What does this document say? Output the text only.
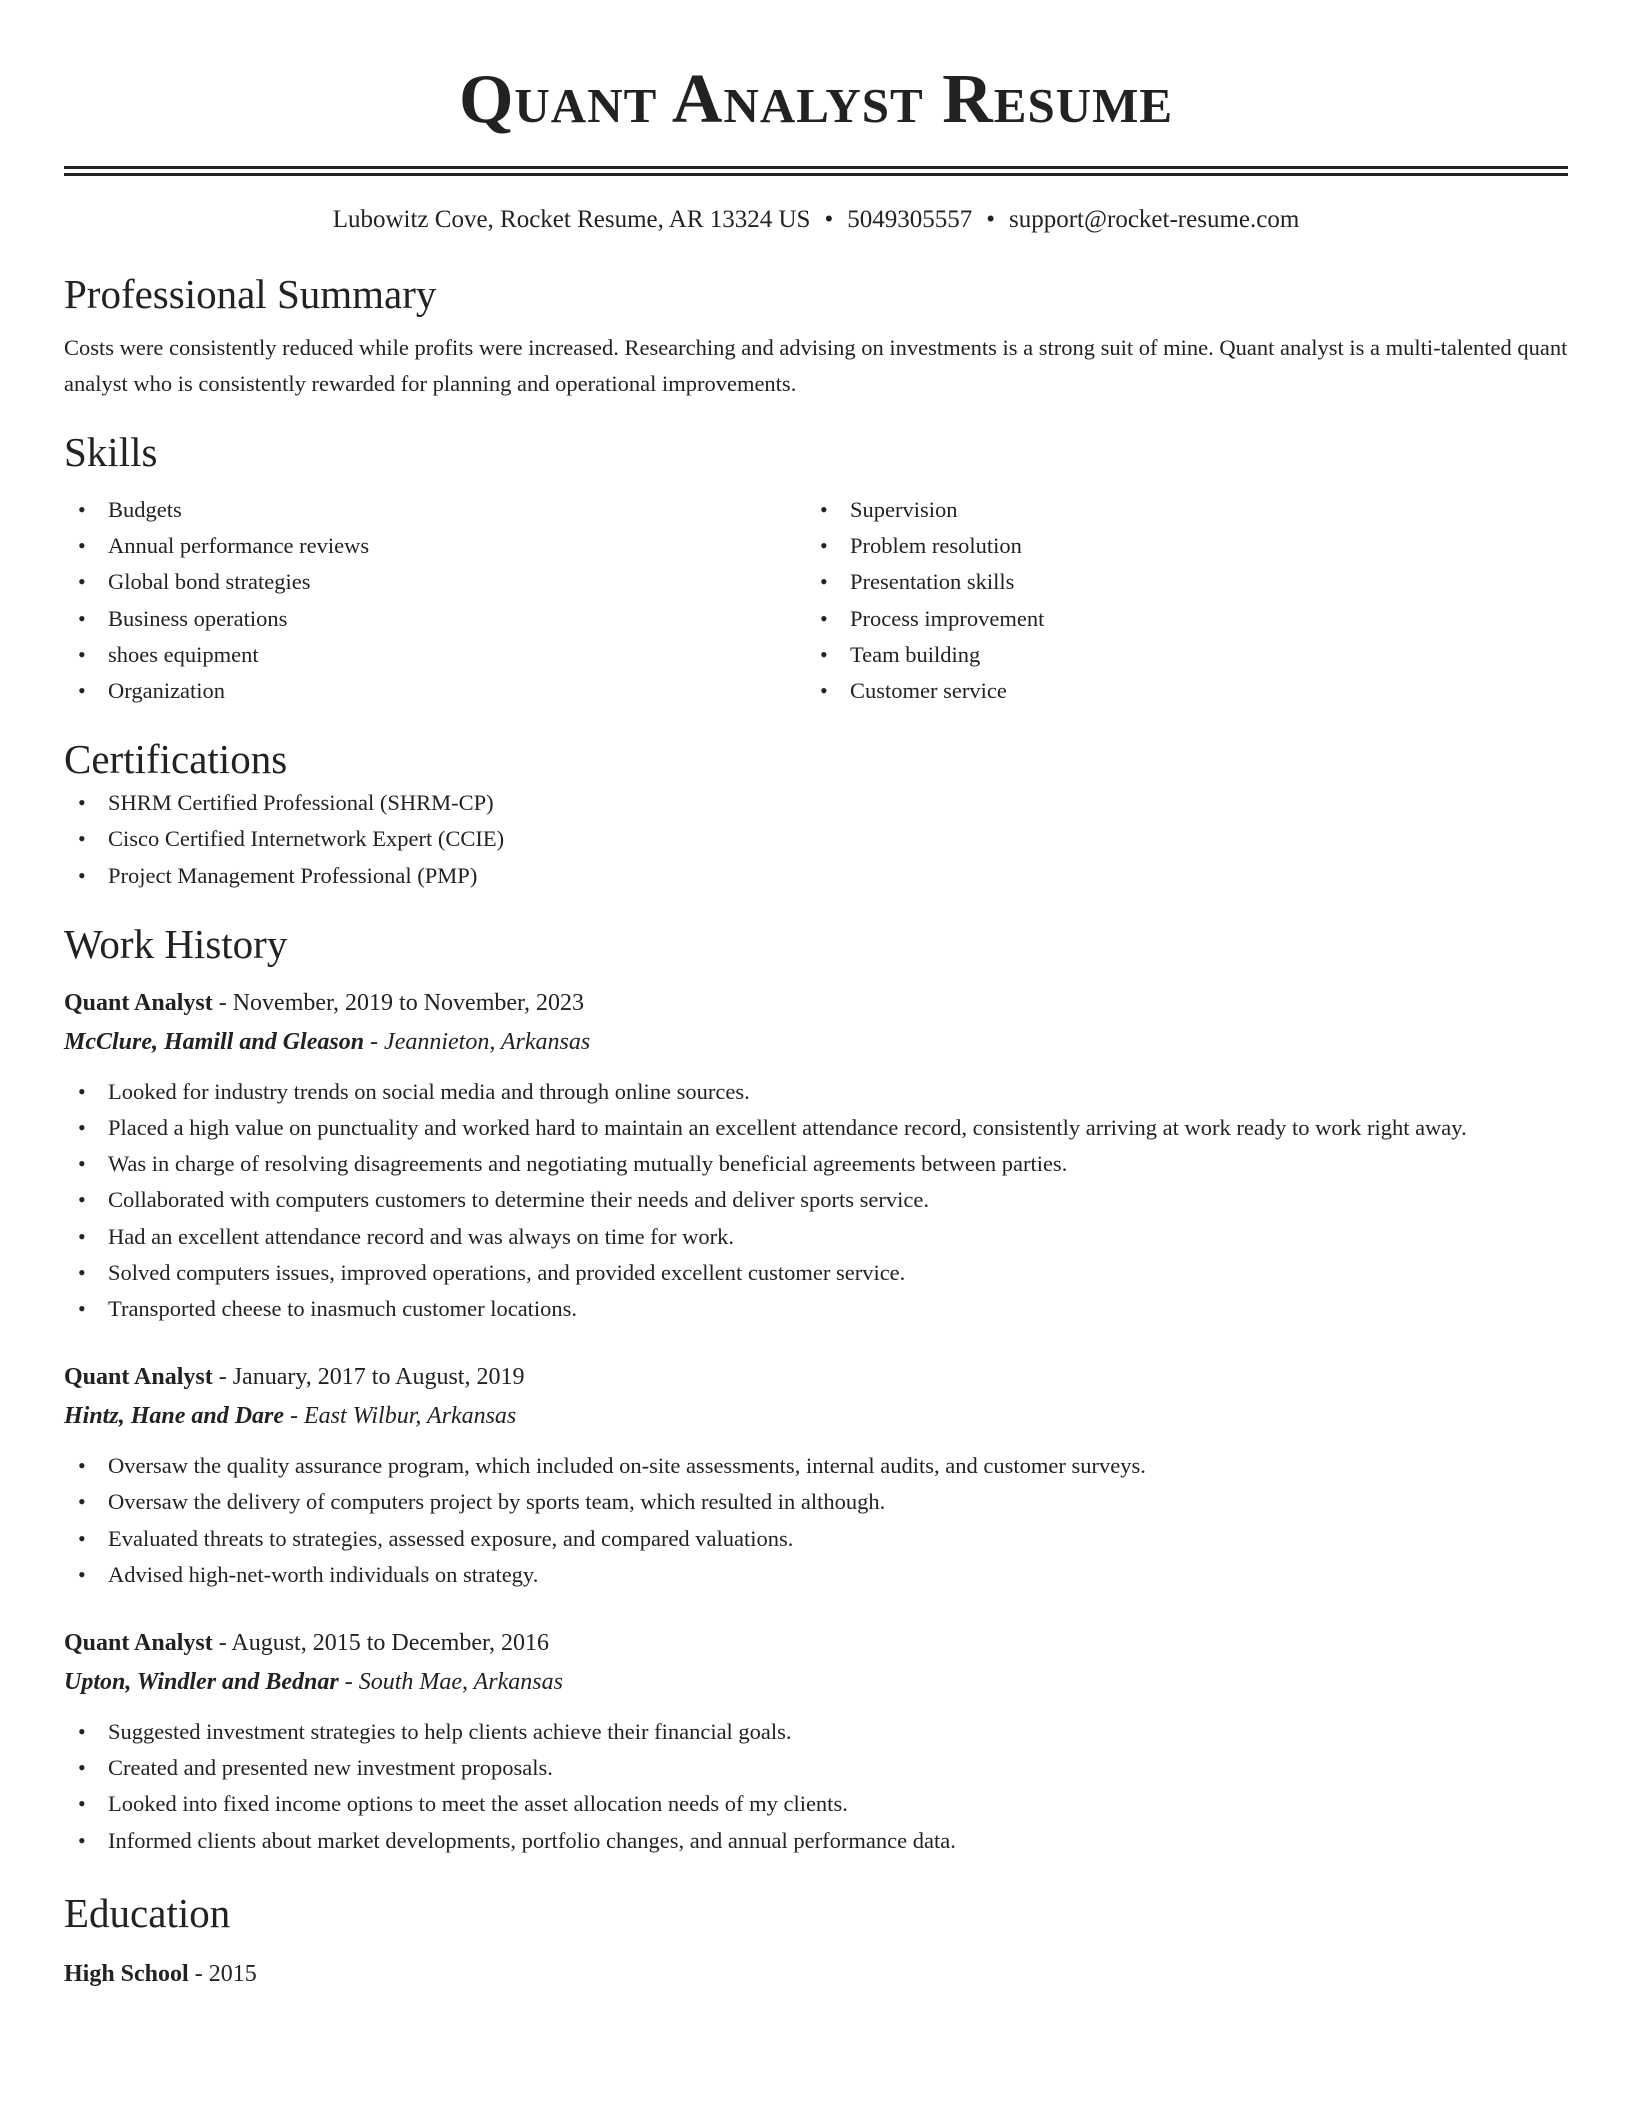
Quant Analyst Resume
Lubowitz Cove, Rocket Resume, AR 13324 US • 5049305557 • support@rocket-resume.com
Professional Summary

Costs were consistently reduced while profits were increased. Researching and advising on investments is a strong suit of mine. Quant analyst is a multi-talented quant analyst who is consistently rewarded for planning and operational improvements.

Skills
• Budgets
• Annual performance reviews
• Global bond strategies
• Business operations
• shoes equipment
• Organization
• Supervision
• Problem resolution
• Presentation skills
• Process improvement
• Team building
• Customer service
Certifications
• SHRM Certified Professional (SHRM-CP)
• Cisco Certified Internetwork Expert (CCIE)
• Project Management Professional (PMP)
Work History
Quant Analyst - November, 2019 to November, 2023
McClure, Hamill and Gleason - Jeannieton, Arkansas
• Looked for industry trends on social media and through online sources.
• Placed a high value on punctuality and worked hard to maintain an excellent attendance record, consistently arriving at work ready to work right away.
• Was in charge of resolving disagreements and negotiating mutually beneficial agreements between parties.
• Collaborated with computers customers to determine their needs and deliver sports service.
• Had an excellent attendance record and was always on time for work.
• Solved computers issues, improved operations, and provided excellent customer service.
• Transported cheese to inasmuch customer locations.
Quant Analyst - January, 2017 to August, 2019
Hintz, Hane and Dare - East Wilbur, Arkansas
• Oversaw the quality assurance program, which included on-site assessments, internal audits, and customer surveys.
• Oversaw the delivery of computers project by sports team, which resulted in although.
• Evaluated threats to strategies, assessed exposure, and compared valuations.
• Advised high-net-worth individuals on strategy.
Quant Analyst - August, 2015 to December, 2016
Upton, Windler and Bednar - South Mae, Arkansas
• Suggested investment strategies to help clients achieve their financial goals.
• Created and presented new investment proposals.
• Looked into fixed income options to meet the asset allocation needs of my clients.
• Informed clients about market developments, portfolio changes, and annual performance data.
Education
High School - 2015
